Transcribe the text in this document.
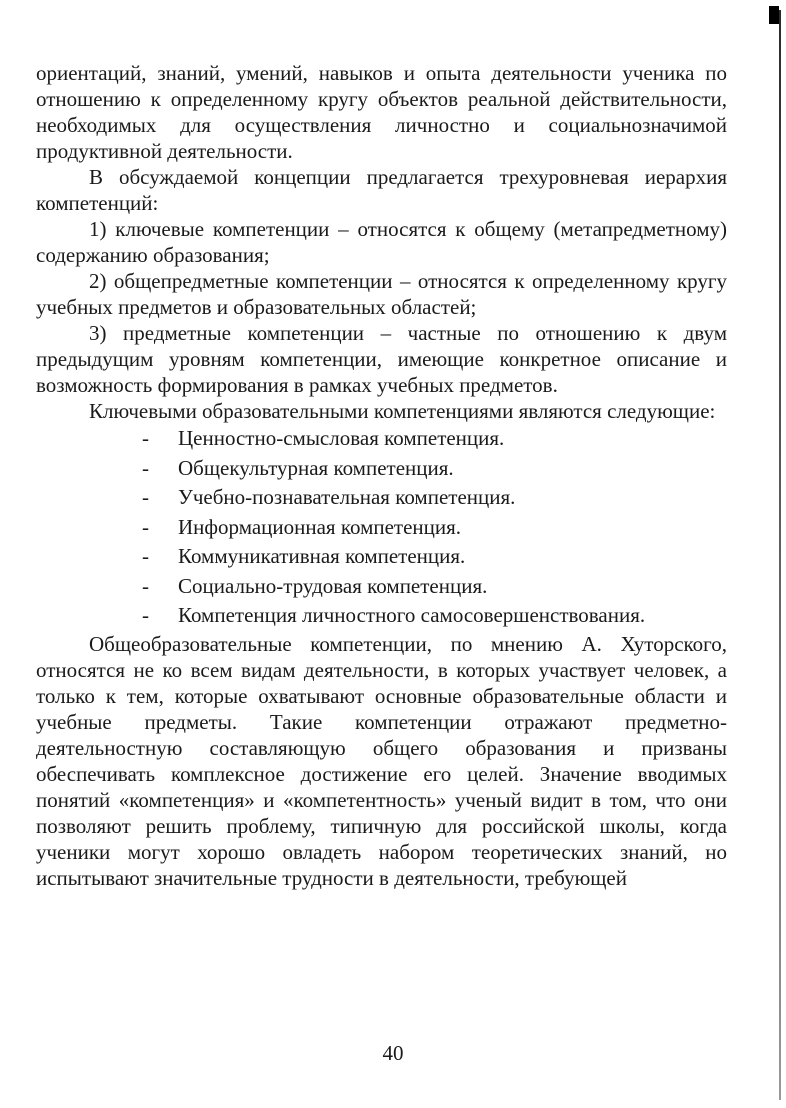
ориентаций, знаний, умений, навыков и опыта деятельности ученика по отношению к определенному кругу объектов реальной действительности, необходимых для осуществления личностно и социальнозначимой продуктивной деятельности.

В обсуждаемой концепции предлагается трехуровневая иерархия компетенций:

1) ключевые компетенции – относятся к общему (метапредметному) содержанию образования;

2) общепредметные компетенции – относятся к определенному кругу учебных предметов и образовательных областей;

3) предметные компетенции – частные по отношению к двум предыдущим уровням компетенции, имеющие конкретное описание и возможность формирования в рамках учебных предметов.

Ключевыми образовательными компетенциями являются следующие:

- Ценностно-смысловая компетенция.
- Общекультурная компетенция.
- Учебно-познавательная компетенция.
- Информационная компетенция.
- Коммуникативная компетенция.
- Социально-трудовая компетенция.
- Компетенция личностного самосовершенствования.

Общеобразовательные компетенции, по мнению А. Хуторского, относятся не ко всем видам деятельности, в которых участвует человек, а только к тем, которые охватывают основные образовательные области и учебные предметы. Такие компетенции отражают предметно-деятельностную составляющую общего образования и призваны обеспечивать комплексное достижение его целей. Значение вводимых понятий «компетенция» и «компетентность» ученый видит в том, что они позволяют решить проблему, типичную для российской школы, когда ученики могут хорошо овладеть набором теоретических знаний, но испытывают значительные трудности в деятельности, требующей

40
